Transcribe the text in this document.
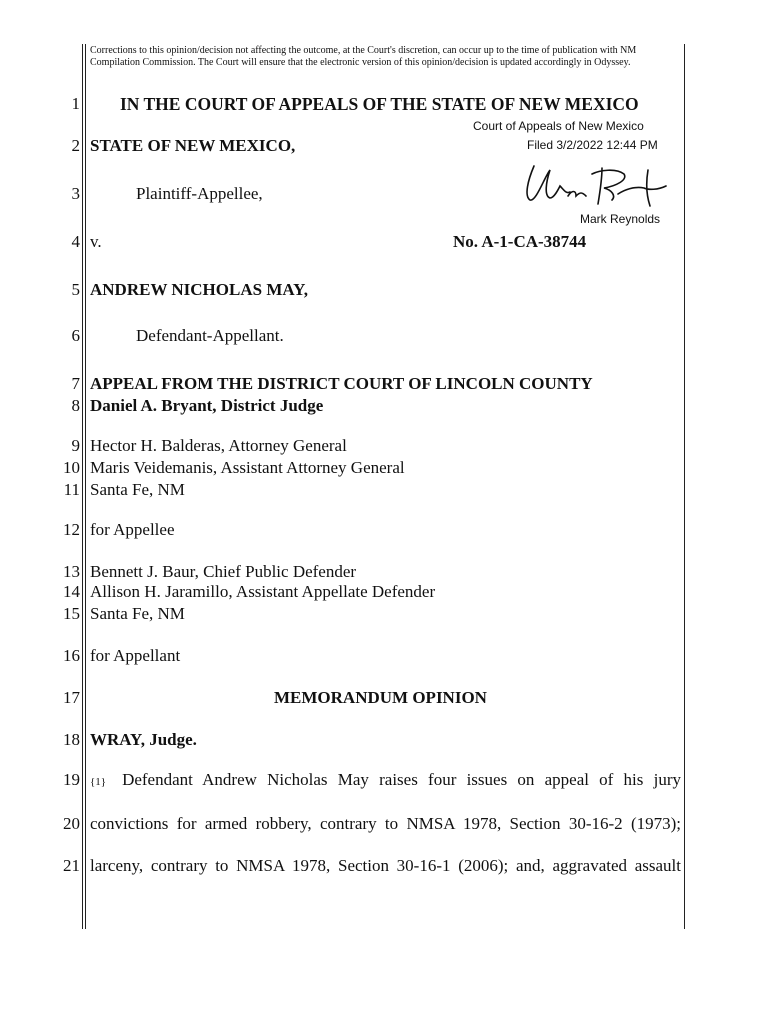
Corrections to this opinion/decision not affecting the outcome, at the Court's discretion, can occur up to the time of publication with NM Compilation Commission. The Court will ensure that the electronic version of this opinion/decision is updated accordingly in Odyssey.
1
2
3
4
5
6
7
8
9
10
11
12
13
14
15
16
17
18
19
20
21
IN THE COURT OF APPEALS OF THE STATE OF NEW MEXICO
Court of Appeals of New Mexico
Filed 3/2/2022 12:44 PM
Mark Reynolds
STATE OF NEW MEXICO,
Plaintiff-Appellee,
v.	No. A-1-CA-38744
ANDREW NICHOLAS MAY,
Defendant-Appellant.
APPEAL FROM THE DISTRICT COURT OF LINCOLN COUNTY
Daniel A. Bryant, District Judge
Hector H. Balderas, Attorney General
Maris Veidemanis, Assistant Attorney General
Santa Fe, NM
for Appellee
Bennett J. Baur, Chief Public Defender
Allison H. Jaramillo, Assistant Appellate Defender
Santa Fe, NM
for Appellant
MEMORANDUM OPINION
WRAY, Judge.
{1} Defendant Andrew Nicholas May raises four issues on appeal of his jury
convictions for armed robbery, contrary to NMSA 1978, Section 30-16-2 (1973);
larceny, contrary to NMSA 1978, Section 30-16-1 (2006); and, aggravated assault
